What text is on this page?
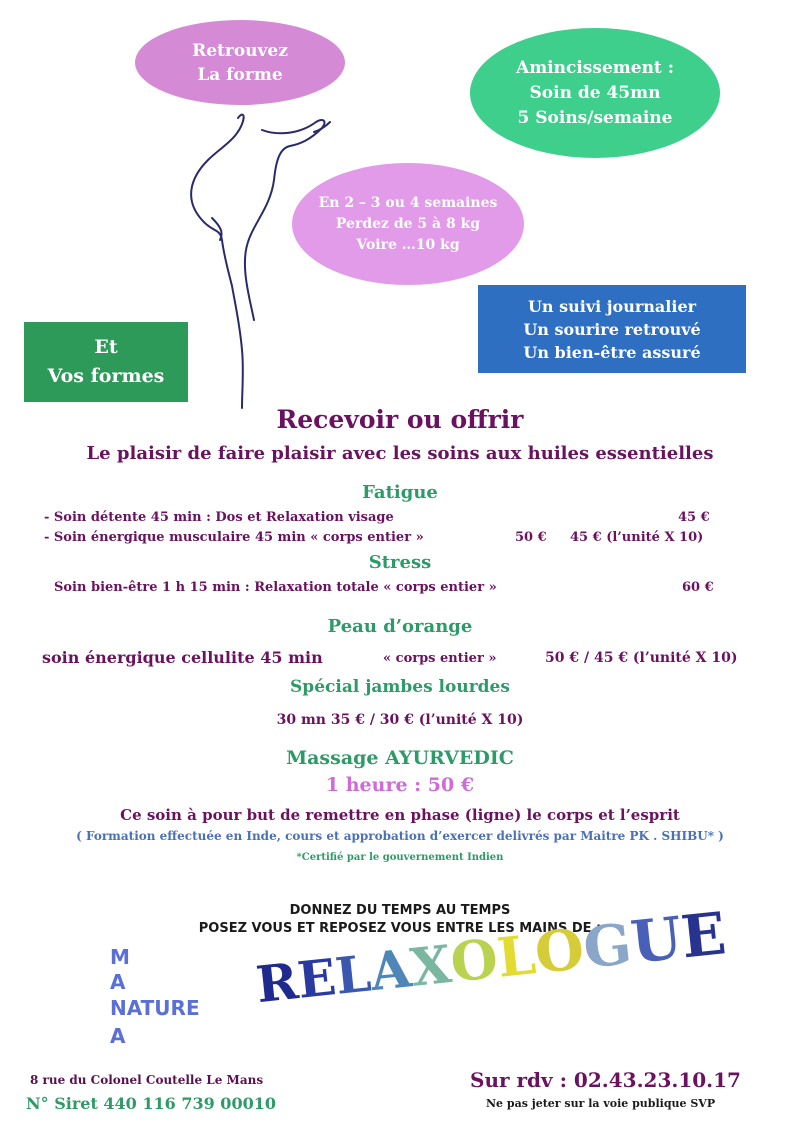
Retrouvez
La forme	Amincissement :
Soin de 45mn
5 Soins/semaine
En 2 – 3 ou 4 semaines
Perdez de 5 à 8 kg
Voire …10 kg
Un suivi journalier
Un sourire retrouvé
Un bien-être assuré
Et
Vos formes
Recevoir ou offrir
Le plaisir de faire plaisir avec les soins aux huiles essentielles
Fatigue
- Soin détente 45 min : Dos et Relaxation visage	45 €
- Soin énergique musculaire 45 min « corps entier »	50 € 45 € (l’unité X 10)
Stress
Soin bien-être 1 h 15 min : Relaxation totale « corps entier »	60 €
Peau d’orange
soin énergique cellulite 45 min	« corps entier »	50 € / 45 € (l’unité X 10)
Spécial jambes lourdes
30 mn 35 € / 30 € (l’unité X 10)
Massage AYURVEDIC
1 heure : 50 €
Ce soin à pour but de remettre en phase (ligne) le corps et l’esprit
( Formation effectuée en Inde, cours et approbation d’exercer delivrés par Maitre PK . SHIBU* )
*Certifié par le gouvernement Indien
DONNEZ DU TEMPS AU TEMPS
POSEZ VOUS ET REPOSEZ VOUS ENTRE LES MAINS DE :
M
A
NATURE
A
RELAXOLOGUE
8 rue du Colonel Coutelle Le Mans
N° Siret 440 116 739 00010
Sur rdv : 02.43.23.10.17
Ne pas jeter sur la voie publique SVP
